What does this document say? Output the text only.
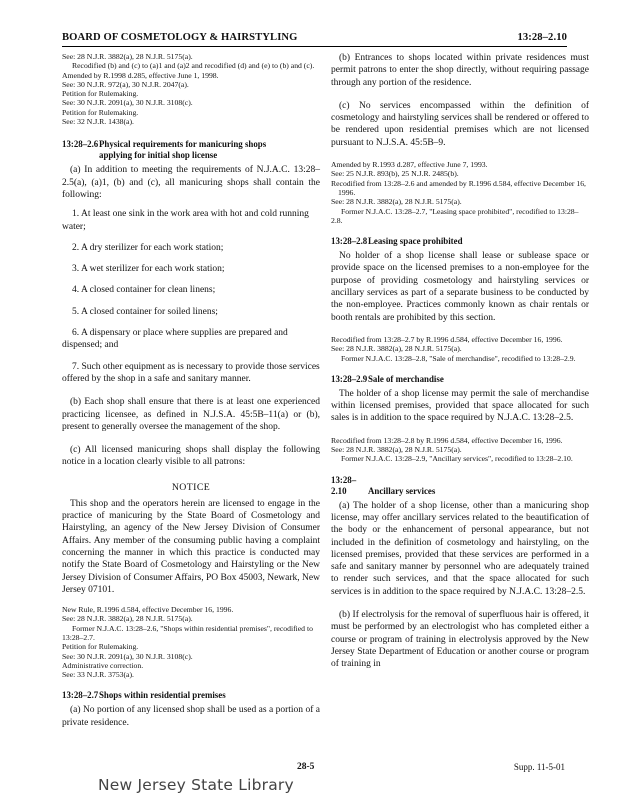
BOARD OF COSMETOLOGY & HAIRSTYLING	13:28–2.10

See: 28 N.J.R. 3882(a), 28 N.J.R. 5175(a).

Recodified (b) and (c) to (a)1 and (a)2 and recodified (d) and (e) to (b) and (c).

Amended by R.1998 d.285, effective June 1, 1998.

See: 30 N.J.R. 972(a), 30 N.J.R. 2047(a).

Petition for Rulemaking.

See: 30 N.J.R. 2091(a), 30 N.J.R. 3108(c).

Petition for Rulemaking.

See: 32 N.J.R. 1438(a).

13:28–2.6Physical requirements for manicuring shops
applying for initial shop license

(a) In addition to meeting the requirements of N.J.A.C. 13:28–2.5(a), (a)1, (b) and (c), all manicuring shops shall contain the following:

1. At least one sink in the work area with hot and cold running water;

2. A dry sterilizer for each work station;

3. A wet sterilizer for each work station;

4. A closed container for clean linens;

5. A closed container for soiled linens;

6. A dispensary or place where supplies are prepared and dispensed; and

7. Such other equipment as is necessary to provide those services offered by the shop in a safe and sanitary manner.

(b) Each shop shall ensure that there is at least one experienced practicing licensee, as defined in N.J.S.A. 45:5B–11(a) or (b), present to generally oversee the management of the shop.

(c) All licensed manicuring shops shall display the following notice in a location clearly visible to all patrons:

NOTICE

This shop and the operators herein are licensed to engage in the practice of manicuring by the State Board of Cosmetology and Hairstyling, an agency of the New Jersey Division of Consumer Affairs. Any member of the consuming public having a complaint concerning the manner in which this practice is conducted may notify the State Board of Cosmetology and Hairstyling or the New Jersey Division of Consumer Affairs, PO Box 45003, Newark, New Jersey 07101.

New Rule, R.1996 d.584, effective December 16, 1996.

See: 28 N.J.R. 3882(a), 28 N.J.R. 5175(a).

Former N.J.A.C. 13:28–2.6, "Shops within residential premises", recodified to 13:28–2.7.

Petition for Rulemaking.

See: 30 N.J.R. 2091(a), 30 N.J.R. 3108(c).

Administrative correction.

See: 33 N.J.R. 3753(a).

13:28–2.7Shops within residential premises

(a) No portion of any licensed shop shall be used as a portion of a private residence.

(b) Entrances to shops located within private residences must permit patrons to enter the shop directly, without requiring passage through any portion of the residence.

(c) No services encompassed within the definition of cosmetology and hairstyling services shall be rendered or offered to be rendered upon residential premises which are not licensed pursuant to N.J.S.A. 45:5B–9.

Amended by R.1993 d.287, effective June 7, 1993.

See: 25 N.J.R. 893(b), 25 N.J.R. 2485(b).

Recodified from 13:28–2.6 and amended by R.1996 d.584, effective December 16, 1996.

See: 28 N.J.R. 3882(a), 28 N.J.R. 5175(a).

Former N.J.A.C. 13:28–2.7, "Leasing space prohibited", recodified to 13:28–2.8.

13:28–2.8Leasing space prohibited

No holder of a shop license shall lease or sublease space or provide space on the licensed premises to a non-employee for the purpose of providing cosmetology and hairstyling services or ancillary services as part of a separate business to be conducted by the non-employee. Practices commonly known as chair rentals or booth rentals are prohibited by this section.

Recodified from 13:28–2.7 by R.1996 d.584, effective December 16, 1996.

See: 28 N.J.R. 3882(a), 28 N.J.R. 5175(a).

Former N.J.A.C. 13:28–2.8, "Sale of merchandise", recodified to 13:28–2.9.

13:28–2.9Sale of merchandise

The holder of a shop license may permit the sale of merchandise within licensed premises, provided that space allocated for such sales is in addition to the space required by N.J.A.C. 13:28–2.5.

Recodified from 13:28–2.8 by R.1996 d.584, effective December 16, 1996.

See: 28 N.J.R. 3882(a), 28 N.J.R. 5175(a).

Former N.J.A.C. 13:28–2.9, "Ancillary services", recodified to 13:28–2.10.

13:28–2.10 Ancillary services

(a) The holder of a shop license, other than a manicuring shop license, may offer ancillary services related to the beautification of the body or the enhancement of personal appearance, but not included in the definition of cosmetology and hairstyling, on the licensed premises, provided that these services are performed in a safe and sanitary manner by personnel who are adequately trained to render such services, and that the space allocated for such services is in addition to the space required by N.J.A.C. 13:28–2.5.

(b) If electrolysis for the removal of superfluous hair is offered, it must be performed by an electrologist who has completed either a course or program of training in electrolysis approved by the New Jersey State Department of Education or another course or program of training in

28-5	Supp. 11-5-01
New Jersey State Library
